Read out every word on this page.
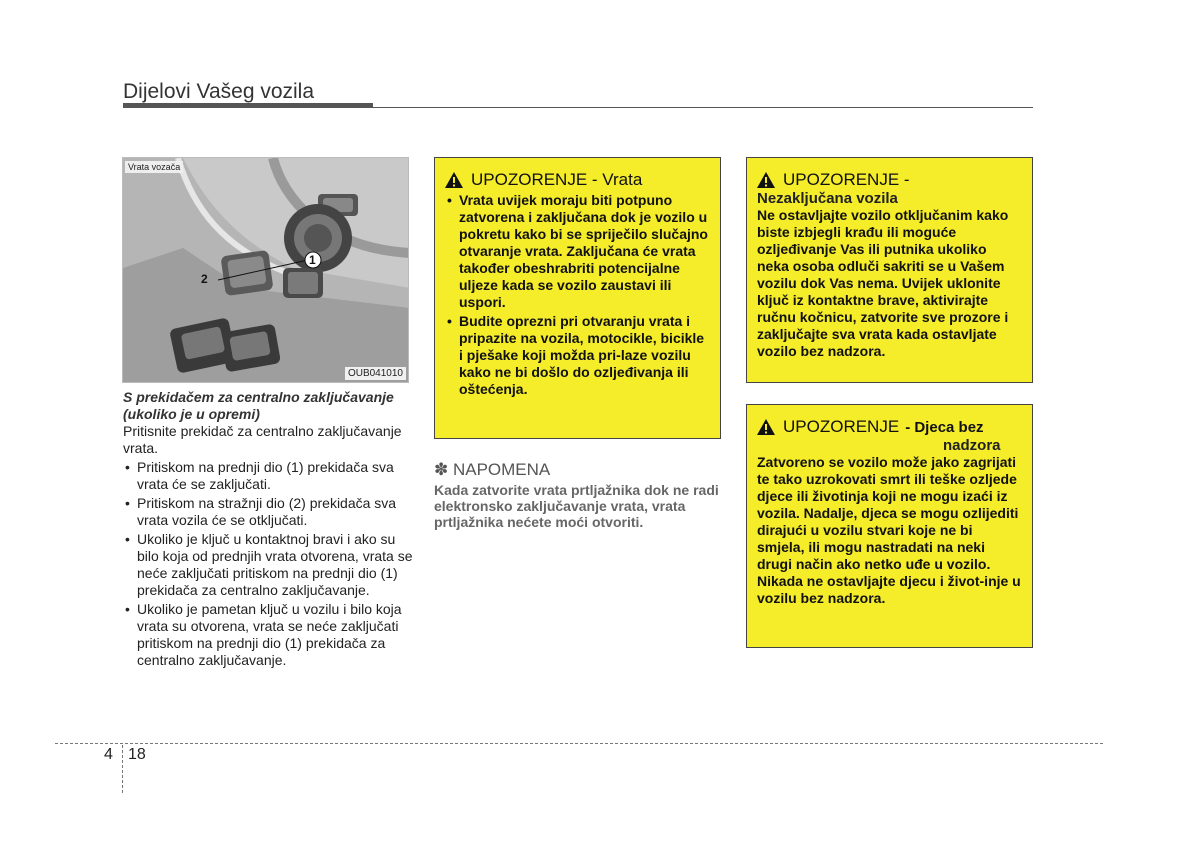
Dijelovi Vašeg vozila
Vrata vozača
1
2
OUB041010

S prekidačem za centralno zaključavanje (ukoliko je u opremi)

Pritisnite prekidač za centralno zaključavanje vrata.

• Pritiskom na prednji dio (1) prekidača sva vrata će se zaključati.
• Pritiskom na stražnji dio (2) prekidača sva vrata vozila će se otključati.
• Ukoliko je ključ u kontaktnoj bravi i ako su bilo koja od prednjih vrata otvorena, vrata se neće zaključati pritiskom na prednji dio (1) prekidača za centralno zaključavanje.
• Ukoliko je pametan ključ u vozilu i bilo koja vrata su otvorena, vrata se neće zaključati pritiskom na prednji dio (1) prekidača za centralno zaključavanje.
UPOZORENJE - Vrata
• Vrata uvijek moraju biti potpuno zatvorena i zaključana dok je vozilo u pokretu kako bi se spriječilo slučajno otvaranje vrata. Zaključana će vrata također obeshrabriti potencijalne uljeze kada se vozilo zaustavi ili uspori.
• Budite oprezni pri otvaranju vrata i pripazite na vozila, motocikle, bicikle i pješake koji možda pri-laze vozilu kako ne bi došlo do ozljeđivanja ili oštećenja.
✽ NAPOMENA
Kada zatvorite vrata prtljažnika dok ne radi elektronsko zaključavanje vrata, vrata prtljažnika nećete moći otvoriti.
UPOZORENJE -
Nezaključana vozila
Ne ostavljajte vozilo otključanim kako biste izbjegli krađu ili moguće ozljeđivanje Vas ili putnika ukoliko neka osoba odluči sakriti se u Vašem vozilu dok Vas nema. Uvijek uklonite ključ iz kontaktne brave, aktivirajte ručnu kočnicu, zatvorite sve prozore i zaključajte sva vrata kada ostavljate vozilo bez nadzora.
UPOZORENJE - Djeca bez
nadzora
Zatvoreno se vozilo može jako zagrijati te tako uzrokovati smrt ili teške ozljede djece ili životinja koji ne mogu izaći iz vozila. Nadalje, djeca se mogu ozlijediti dirajući u vozilu stvari koje ne bi smjela, ili mogu nastradati na neki drugi način ako netko uđe u vozilo. Nikada ne ostavljajte djecu i život-inje u vozilu bez nadzora.
4 18
